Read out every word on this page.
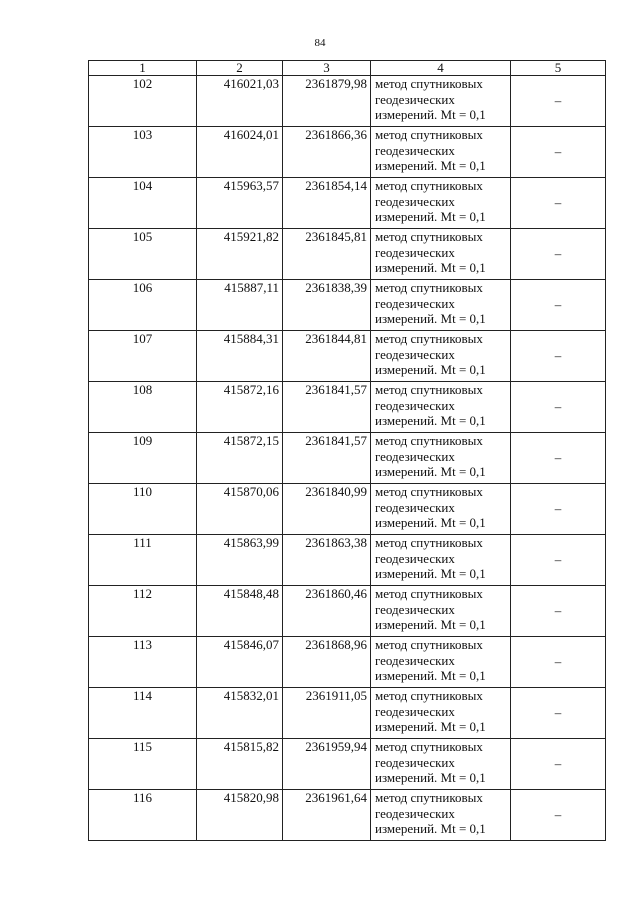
84
1	2	3	4	5
102	416021,03	2361879,98	метод спутниковых геодезических измерений. Mt = 0,1	–
103	416024,01	2361866,36	метод спутниковых геодезических измерений. Mt = 0,1	–
104	415963,57	2361854,14	метод спутниковых геодезических измерений. Mt = 0,1	–
105	415921,82	2361845,81	метод спутниковых геодезических измерений. Mt = 0,1	–
106	415887,11	2361838,39	метод спутниковых геодезических измерений. Mt = 0,1	–
107	415884,31	2361844,81	метод спутниковых геодезических измерений. Mt = 0,1	–
108	415872,16	2361841,57	метод спутниковых геодезических измерений. Mt = 0,1	–
109	415872,15	2361841,57	метод спутниковых геодезических измерений. Mt = 0,1	–
110	415870,06	2361840,99	метод спутниковых геодезических измерений. Mt = 0,1	–
111	415863,99	2361863,38	метод спутниковых геодезических измерений. Mt = 0,1	–
112	415848,48	2361860,46	метод спутниковых геодезических измерений. Mt = 0,1	–
113	415846,07	2361868,96	метод спутниковых геодезических измерений. Mt = 0,1	–
114	415832,01	2361911,05	метод спутниковых геодезических измерений. Mt = 0,1	–
115	415815,82	2361959,94	метод спутниковых геодезических измерений. Mt = 0,1	–
116	415820,98	2361961,64	метод спутниковых геодезических измерений. Mt = 0,1	–
